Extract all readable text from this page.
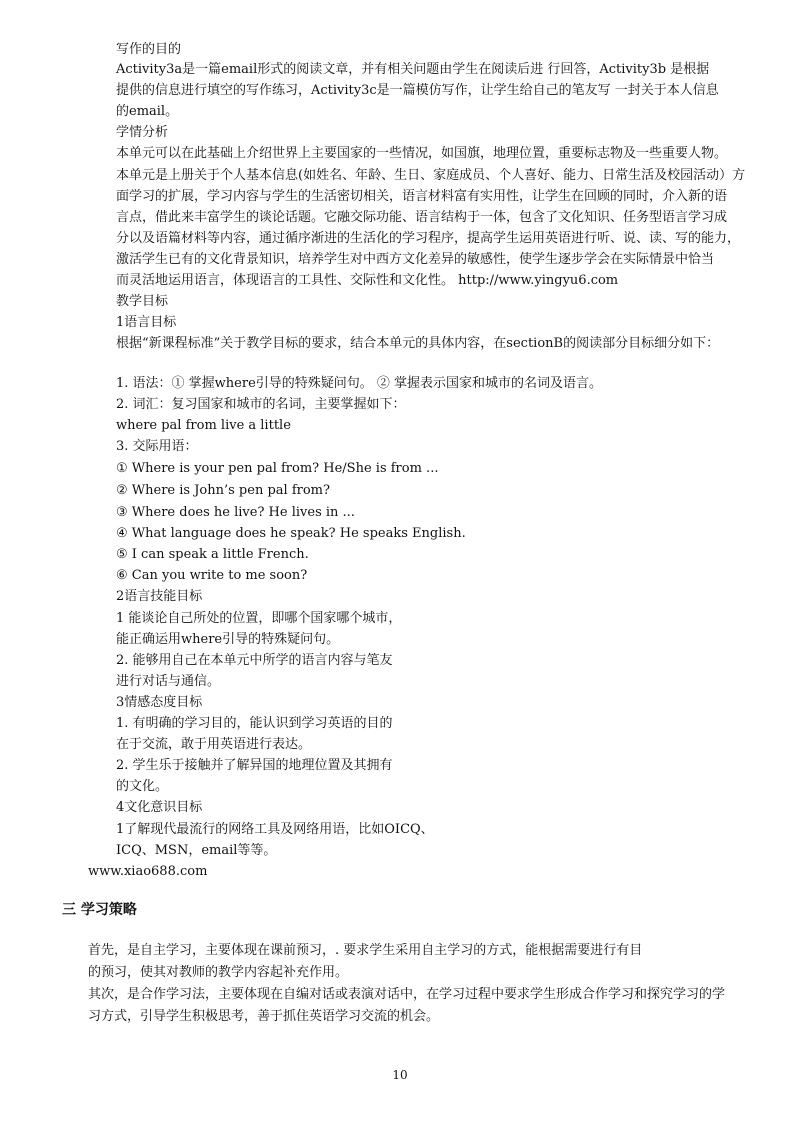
写作的目的
Activity3a是一篇email形式的阅读文章，并有相关问题由学生在阅读后进 行回答，Activity3b 是根据
提供的信息进行填空的写作练习，Activity3c是一篇模仿写作，让学生给自己的笔友写 一封关于本人信息
的email。
学情分析
本单元可以在此基础上介绍世界上主要国家的一些情况，如国旗，地理位置，重要标志物及一些重要人物。
本单元是上册关于个人基本信息(如姓名、年龄、生日、家庭成员、个人喜好、能力、日常生活及校园活动）方
面学习的扩展，学习内容与学生的生活密切相关，语言材料富有实用性，让学生在回顾的同时，介入新的语
言点，借此来丰富学生的谈论话题。它融交际功能、语言结构于一体，包含了文化知识、任务型语言学习成
分以及语篇材料等内容，通过循序渐进的生活化的学习程序，提高学生运用英语进行听、说、读、写的能力，
激活学生已有的文化背景知识，培养学生对中西方文化差异的敏感性，使学生逐步学会在实际情景中恰当
而灵活地运用语言，体现语言的工具性、交际性和文化性。 http://www.yingyu6.com
教学目标
1语言目标
根据“新课程标准”关于教学目标的要求，结合本单元的具体内容，在sectionB的阅读部分目标细分如下：
1. 语法：① 掌握where引导的特殊疑问句。 ② 掌握表示国家和城市的名词及语言。
2. 词汇：复习国家和城市的名词，主要掌握如下：
where pal from live a little
3. 交际用语：
① Where is your pen pal from? He/She is from ...
② Where is John’s pen pal from?
③ Where does he live? He lives in ...
④ What language does he speak? He speaks English.
⑤ I can speak a little French.
⑥ Can you write to me soon?
2语言技能目标
1 能谈论自己所处的位置，即哪个国家哪个城市，
能正确运用where引导的特殊疑问句。
2. 能够用自己在本单元中所学的语言内容与笔友
进行对话与通信。
3情感态度目标
1. 有明确的学习目的，能认识到学习英语的目的
在于交流，敢于用英语进行表达。
2. 学生乐于接触并了解异国的地理位置及其拥有
的文化。
4文化意识目标
1了解现代最流行的网络工具及网络用语，比如OICQ、
ICQ、MSN，email等等。
www.xiao688.com
三 学习策略
首先，是自主学习，主要体现在课前预习，. 要求学生采用自主学习的方式，能根据需要进行有目
的预习，使其对教师的教学内容起补充作用。
其次，是合作学习法，主要体现在自编对话或表演对话中，在学习过程中要求学生形成合作学习和探究学习的学
习方式，引导学生积极思考，善于抓住英语学习交流的机会。
10
